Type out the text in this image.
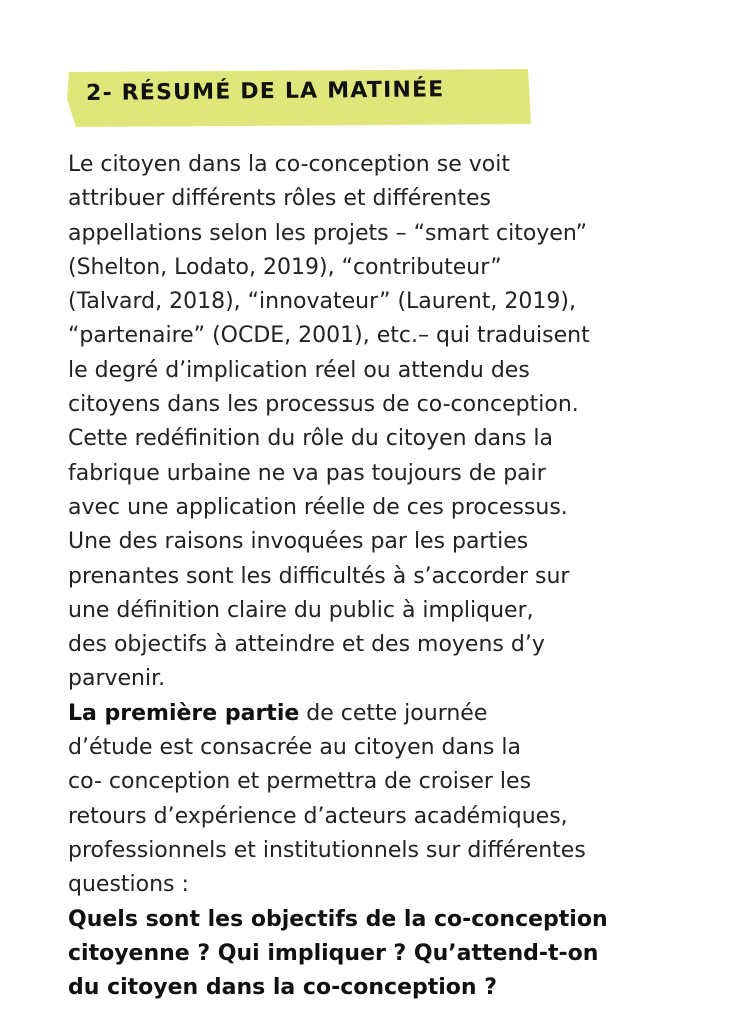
2- RÉSUMÉ DE LA MATINÉE
Le citoyen dans la co-conception se voit
attribuer différents rôles et différentes
appellations selon les projets – “smart citoyen”
(Shelton, Lodato, 2019), “contributeur”
(Talvard, 2018), “innovateur” (Laurent, 2019),
“partenaire” (OCDE, 2001), etc.– qui traduisent
le degré d’implication réel ou attendu des
citoyens dans les processus de co-conception.
Cette redéfinition du rôle du citoyen dans la
fabrique urbaine ne va pas toujours de pair
avec une application réelle de ces processus.
Une des raisons invoquées par les parties
prenantes sont les difficultés à s’accorder sur
une définition claire du public à impliquer,
des objectifs à atteindre et des moyens d’y
parvenir.
La première partie de cette journée
d’étude est consacrée au citoyen dans la
co- conception et permettra de croiser les
retours d’expérience d’acteurs académiques,
professionnels et institutionnels sur différentes
questions :
Quels sont les objectifs de la co-conception
citoyenne ? Qui impliquer ? Qu’attend-t-on
du citoyen dans la co-conception ?
